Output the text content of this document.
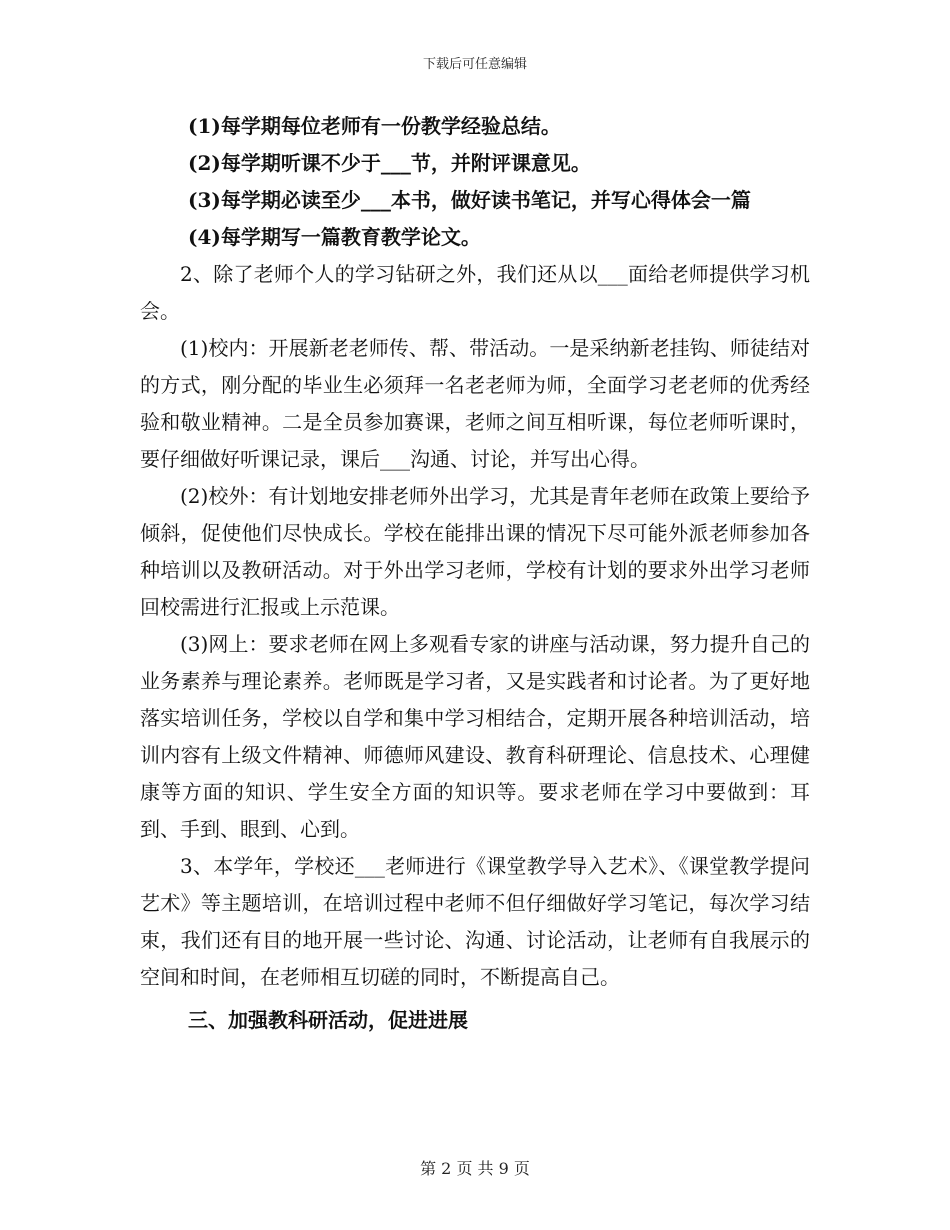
下载后可任意编辑
(1)每学期每位老师有一份教学经验总结。
(2)每学期听课不少于___节，并附评课意见。
(3)每学期必读至少___本书，做好读书笔记，并写心得体会一篇
(4)每学期写一篇教育教学论文。

2、除了老师个人的学习钻研之外，我们还从以___面给老师提供学习机会。

(1)校内：开展新老老师传、帮、带活动。一是采纳新老挂钩、师徒结对的方式，刚分配的毕业生必须拜一名老老师为师，全面学习老老师的优秀经验和敬业精神。二是全员参加赛课，老师之间互相听课，每位老师听课时，要仔细做好听课记录，课后___沟通、讨论，并写出心得。

(2)校外：有计划地安排老师外出学习，尤其是青年老师在政策上要给予倾斜，促使他们尽快成长。学校在能排出课的情况下尽可能外派老师参加各种培训以及教研活动。对于外出学习老师，学校有计划的要求外出学习老师回校需进行汇报或上示范课。

(3)网上：要求老师在网上多观看专家的讲座与活动课，努力提升自己的业务素养与理论素养。老师既是学习者，又是实践者和讨论者。为了更好地落实培训任务，学校以自学和集中学习相结合，定期开展各种培训活动，培训内容有上级文件精神、师德师风建设、教育科研理论、信息技术、心理健康等方面的知识、学生安全方面的知识等。要求老师在学习中要做到：耳到、手到、眼到、心到。

3、本学年，学校还___老师进行《课堂教学导入艺术》、《课堂教学提问艺术》等主题培训，在培训过程中老师不但仔细做好学习笔记，每次学习结束，我们还有目的地开展一些讨论、沟通、讨论活动，让老师有自我展示的空间和时间，在老师相互切磋的同时，不断提高自己。

三、加强教科研活动，促进进展
第 2 页 共 9 页
